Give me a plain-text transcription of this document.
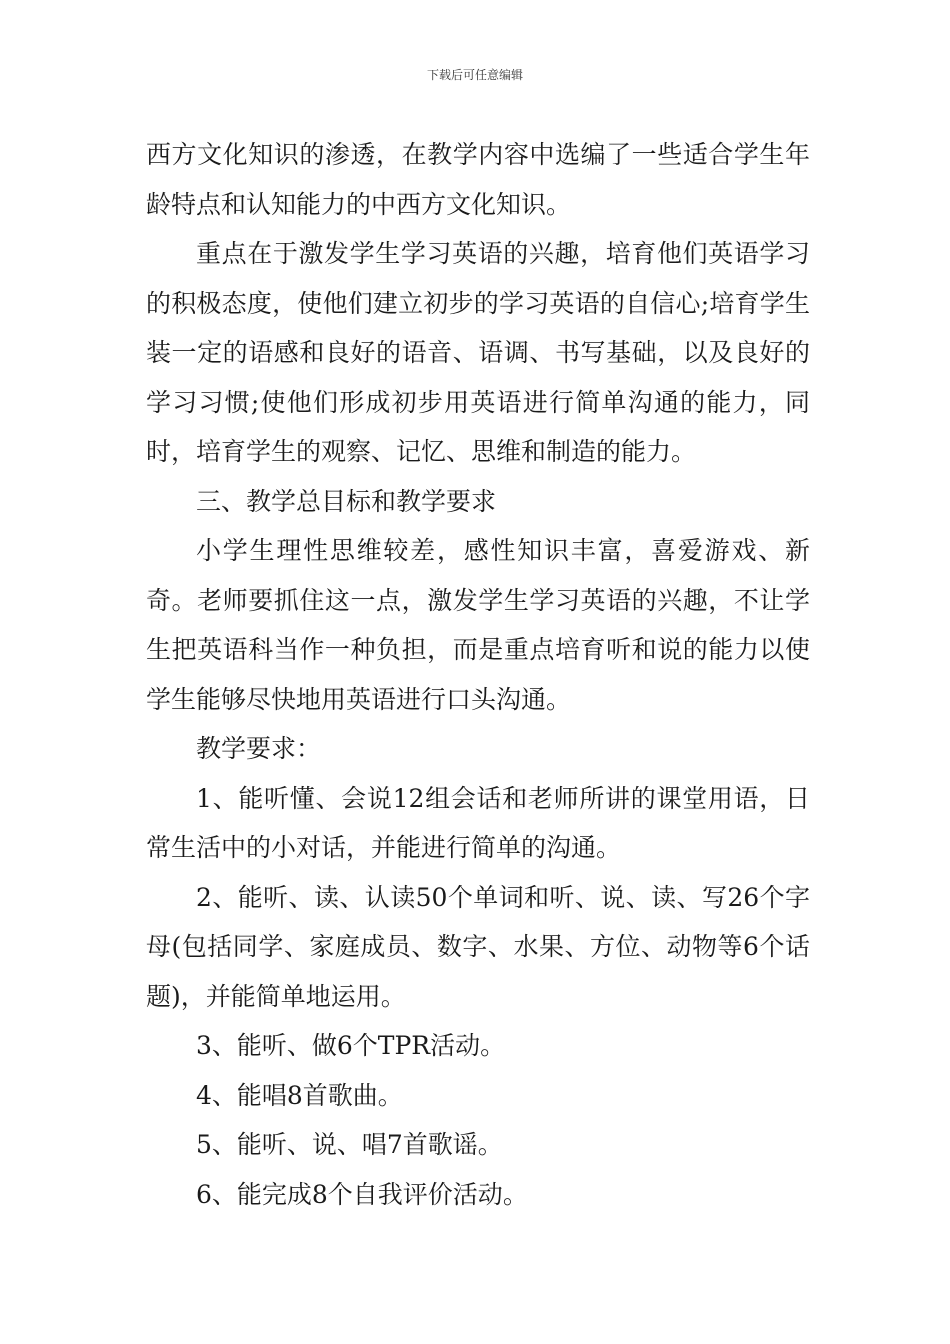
下载后可任意编辑

西方文化知识的渗透，在教学内容中选编了一些适合学生年龄特点和认知能力的中西方文化知识。

重点在于激发学生学习英语的兴趣，培育他们英语学习的积极态度，使他们建立初步的学习英语的自信心;培育学生装一定的语感和良好的语音、语调、书写基础，以及良好的学习习惯;使他们形成初步用英语进行简单沟通的能力，同时，培育学生的观察、记忆、思维和制造的能力。

三、教学总目标和教学要求

小学生理性思维较差，感性知识丰富，喜爱游戏、新奇。老师要抓住这一点，激发学生学习英语的兴趣，不让学生把英语科当作一种负担，而是重点培育听和说的能力以使学生能够尽快地用英语进行口头沟通。

教学要求：

1、能听懂、会说12组会话和老师所讲的课堂用语，日常生活中的小对话，并能进行简单的沟通。

2、能听、读、认读50个单词和听、说、读、写26个字母(包括同学、家庭成员、数字、水果、方位、动物等6个话题)，并能简单地运用。

3、能听、做6个TPR活动。

4、能唱8首歌曲。

5、能听、说、唱7首歌谣。

6、能完成8个自我评价活动。
